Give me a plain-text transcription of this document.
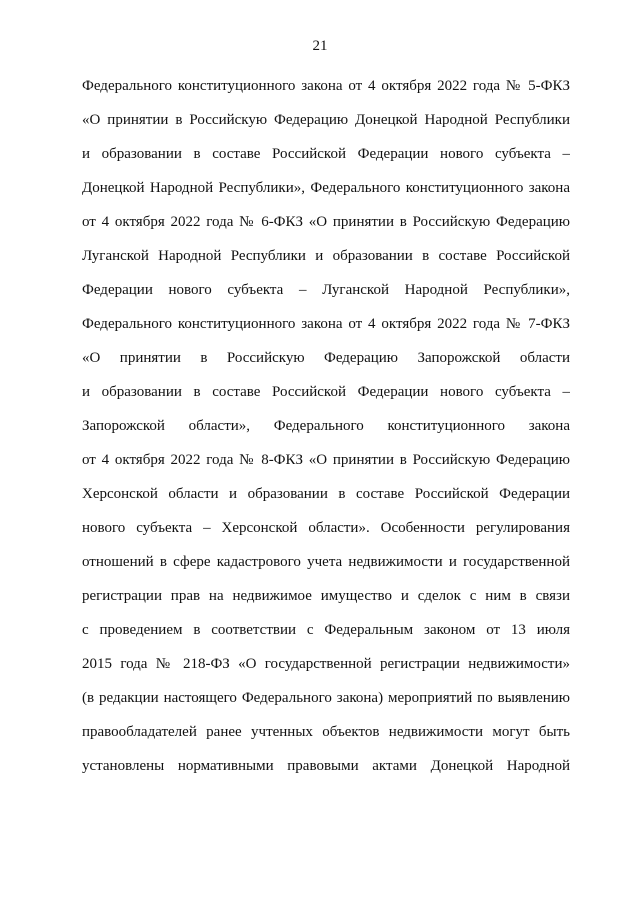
21
Федерального конституционного закона от 4 октября 2022 года № 5-ФКЗ
«О принятии в Российскую Федерацию Донецкой Народной Республики
и образовании в составе Российской Федерации нового субъекта –
Донецкой Народной Республики», Федерального конституционного закона
от 4 октября 2022 года № 6-ФКЗ «О принятии в Российскую Федерацию
Луганской Народной Республики и образовании в составе Российской
Федерации нового субъекта – Луганской Народной Республики»,
Федерального конституционного закона от 4 октября 2022 года № 7-ФКЗ
«О принятии в Российскую Федерацию Запорожской области
и образовании в составе Российской Федерации нового субъекта –
Запорожской области», Федерального конституционного закона
от 4 октября 2022 года № 8-ФКЗ «О принятии в Российскую Федерацию
Херсонской области и образовании в составе Российской Федерации
нового субъекта – Херсонской области». Особенности регулирования
отношений в сфере кадастрового учета недвижимости и государственной
регистрации прав на недвижимое имущество и сделок с ним в связи
с проведением в соответствии с Федеральным законом от 13 июля
2015 года № 218-ФЗ «О государственной регистрации недвижимости»
(в редакции настоящего Федерального закона) мероприятий по выявлению
правообладателей ранее учтенных объектов недвижимости могут быть
установлены нормативными правовыми актами Донецкой Народной
